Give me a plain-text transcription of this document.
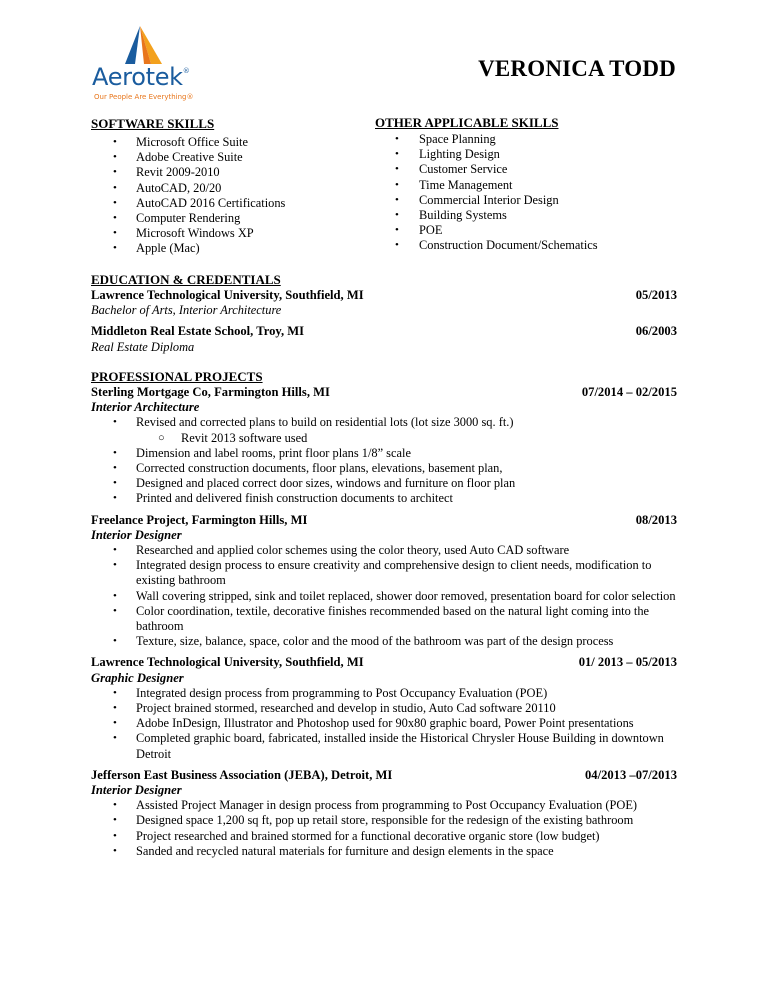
Aerotek®
Our People Are Everything®
VERONICA TODD
SOFTWARE SKILLS
• Microsoft Office Suite
• Adobe Creative Suite
• Revit 2009-2010
• AutoCAD, 20/20
• AutoCAD 2016 Certifications
• Computer Rendering
• Microsoft Windows XP
• Apple (Mac)
OTHER APPLICABLE SKILLS
• Space Planning
• Lighting Design
• Customer Service
• Time Management
• Commercial Interior Design
• Building Systems
• POE
• Construction Document/Schematics
EDUCATION & CREDENTIALS
Lawrence Technological University, Southfield, MI	05/2013
Bachelor of Arts, Interior Architecture
Middleton Real Estate School, Troy, MI	06/2003
Real Estate Diploma
PROFESSIONAL PROJECTS
Sterling Mortgage Co, Farmington Hills, MI	07/2014 – 02/2015
Interior Architecture
• Revised and corrected plans to build on residential lots (lot size 3000 sq. ft.)
○ Revit 2013 software used
• Dimension and label rooms, print floor plans 1/8” scale
• Corrected construction documents, floor plans, elevations, basement plan,
• Designed and placed correct door sizes, windows and furniture on floor plan
• Printed and delivered finish construction documents to architect
Freelance Project, Farmington Hills, MI	08/2013
Interior Designer
• Researched and applied color schemes using the color theory, used Auto CAD software
• Integrated design process to ensure creativity and comprehensive design to client needs, modification to existing bathroom
• Wall covering stripped, sink and toilet replaced, shower door removed, presentation board for color selection
• Color coordination, textile, decorative finishes recommended based on the natural light coming into the bathroom
• Texture, size, balance, space, color and the mood of the bathroom was part of the design process
Lawrence Technological University, Southfield, MI	01/ 2013 – 05/2013
Graphic Designer
• Integrated design process from programming to Post Occupancy Evaluation (POE)
• Project brained stormed, researched and develop in studio, Auto Cad software 20110
• Adobe InDesign, Illustrator and Photoshop used for 90x80 graphic board, Power Point presentations
• Completed graphic board, fabricated, installed inside the Historical Chrysler House Building in downtown Detroit
Jefferson East Business Association (JEBA), Detroit, MI	04/2013 –07/2013
Interior Designer
• Assisted Project Manager in design process from programming to Post Occupancy Evaluation (POE)
• Designed space 1,200 sq ft, pop up retail store, responsible for the redesign of the existing bathroom
• Project researched and brained stormed for a functional decorative organic store (low budget)
• Sanded and recycled natural materials for furniture and design elements in the space
